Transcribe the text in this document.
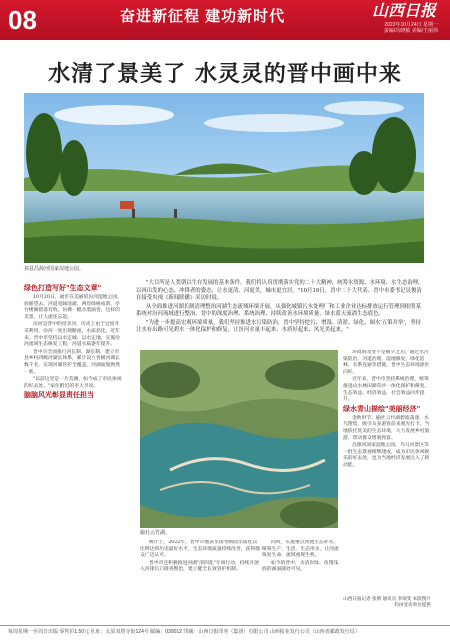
08	奋进新征程 建功新时代	山西日报
2022年10月24日 星期一
责编/冯晓敏 美编/王丽伟
水清了景美了 水灵灵的晋中画中来
祁县昌源河国家湿地公园。

"大目所是人类朝以生存发展的基本条件。我们将认真贯彻落实党的二十大精神，统筹水资源、水环境、水生态治理，以再出发的心态、冲锋者的姿态，让水更清、河更美，城市更宜居。"10月19日，晋中二十大代表、晋中市委书记吴俊清在接受央视《新闻联播》采访时说。

从全面推进河湖长制清理整治河湖生态流域环境开展，从强化城镇污水处理厂和工业企业达标排放运行管理到依照某系统对汾河流域进行整治，晋中的深度治理、系统治理、持续改善水环境质量，绿水蓝天流淌生态底色。

"为进一步提高宏观环境质量，我们坚持推进水污染防治，晋中坚持挖污、增湿、清淤、绿化，调水'五策并举'，坚持让水有出路可见碧水一体化保护和修复，让汾河水量丰起来、水质好起来、风光美起来。"

绿色打造写好"生态文章"

10月20日，福步在美丽的汾河湿地公园，放眼望去，河道宽阔清澈、两岸绿树成荫、亭台楼阁错落有致，仿佛一幅水墨画卷，这样的美景，让人流连忘返。

汾河是晋中的母亲河，历史上由于过度开采利用，汾河一度出现断流，水质恶化。近年来，晋中市坚持以水定城、以水定地，实施汾河流域生态修复工程，河道水质逐年提升。

晋中市全面推行河长制、湖长制，建立市县乡村四级河湖长体系，累计设立各级河湖长数千名，实现河湖管护全覆盖，河湖面貌焕然一新。

"以前这里是一片荒滩，如今成了市民休闲的好去处。"家住附近的李大爷说。

脑脑风光彰显责任担当
榆社云竹湖。

统计上，2022年，晋中市地表水国考断面水质优良比例达到历史最好水平，生态环境质量持续改善，获得群众广泛认可。

晋中市还积极推进河湖"清四乱"专项行动，持续开展入河排污口排查整治，建立健全长效管护机制。

同时，实施重点河流生态补水，统筹生产、生活、生态用水，让河流恢复生命、流域重现生机。

如今的晋中，水清岸绿、鱼翔浅底的画面随处可见。

环境的改变不是朝夕之功，通过水污染防治、河道治理、湿地修复、绿化造林、水系连通等措施，晋中生态环境逐步向好。

近年来，晋中市坚持系统治理，统筹推进山水林田湖草沙一体化保护和修复，生态效益、经济效益、社会效益同步提升。

绿水青山描绘"美丽经济"

金秋时节，榆社云竹湖碧波荡漾，水鸟翔集，吸引众多游客前来观光打卡。当地依托优美的生态环境，大力发展乡村旅游，带动群众增收致富。

昌源河国家湿地公园、乌马河景区等一批生态景观相继建成，成为市民休闲娱乐的好去处，也为当地经济发展注入了新动能。

山西日报记者 张婧 通讯员 李瑞雯 本版图片均由受访单位提供
每周星期一至周日出版 零售价1.50元 社址：太原双塔寺街124号 邮编：030012 印刷：山西日报印务（集团）有限公司 山西报业发行公司（山西省邮政发行局）
